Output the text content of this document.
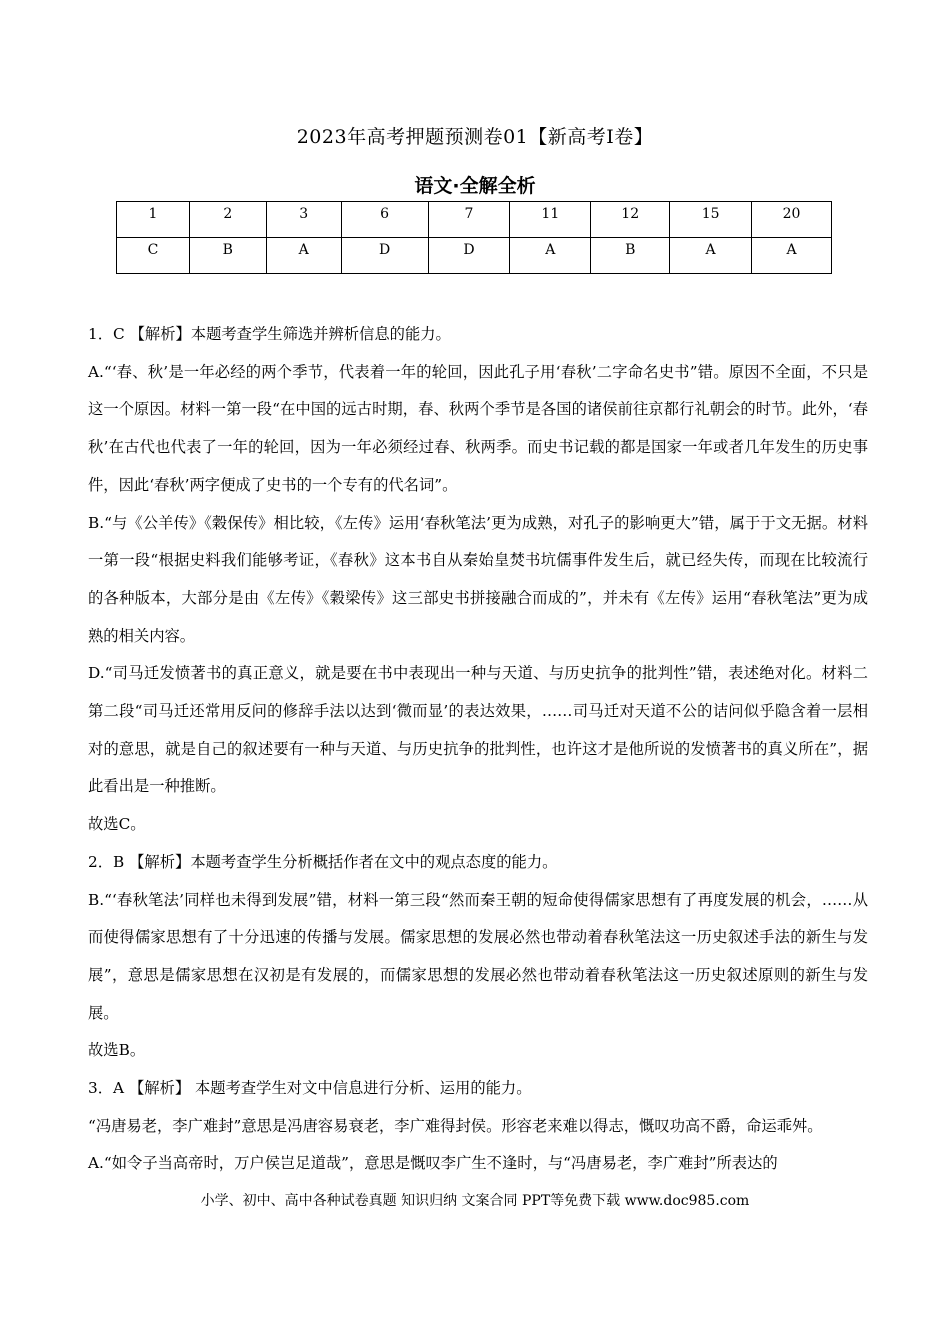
2023年高考押题预测卷01【新高考Ⅰ卷】
语文·全解全析
1	2	3	6	7	11	12	15	20
C	B	A	D	D	A	B	A	A

1．C 【解析】本题考查学生筛选并辨析信息的能力。

A.“‘春、秋’是一年必经的两个季节，代表着一年的轮回，因此孔子用‘春秋’二字命名史书”错。原因不全面，不只是这一个原因。材料一第一段“在中国的远古时期，春、秋两个季节是各国的诸侯前往京都行礼朝会的时节。此外，‘春秋’在古代也代表了一年的轮回，因为一年必须经过春、秋两季。而史书记载的都是国家一年或者几年发生的历史事件，因此‘春秋’两字便成了史书的一个专有的代名词”。

B.“与《公羊传》《穀保传》相比较，《左传》运用‘春秋笔法’更为成熟，对孔子的影响更大”错，属于于文无据。材料一第一段“根据史料我们能够考证，《春秋》这本书自从秦始皇焚书坑儒事件发生后，就已经失传，而现在比较流行的各种版本，大部分是由《左传》《穀梁传》这三部史书拼接融合而成的”，并未有《左传》运用“春秋笔法”更为成熟的相关内容。

D.“司马迁发愤著书的真正意义，就是要在书中表现出一种与天道、与历史抗争的批判性”错，表述绝对化。材料二第二段“司马迁还常用反问的修辞手法以达到‘微而显’的表达效果，……司马迁对天道不公的诘问似乎隐含着一层相对的意思，就是自己的叙述要有一种与天道、与历史抗争的批判性，也许这才是他所说的发愤著书的真义所在”，据此看出是一种推断。

故选C。

2．B 【解析】本题考查学生分析概括作者在文中的观点态度的能力。

B.“‘春秋笔法’同样也未得到发展”错，材料一第三段“然而秦王朝的短命使得儒家思想有了再度发展的机会，……从而使得儒家思想有了十分迅速的传播与发展。儒家思想的发展必然也带动着春秋笔法这一历史叙述手法的新生与发展”，意思是儒家思想在汉初是有发展的，而儒家思想的发展必然也带动着春秋笔法这一历史叙述原则的新生与发展。

故选B。

3．A 【解析】 本题考查学生对文中信息进行分析、运用的能力。

“冯唐易老，李广难封”意思是冯唐容易衰老，李广难得封侯。形容老来难以得志，慨叹功高不爵，命运乖舛。

A.“如令子当高帝时，万户侯岂足道哉”，意思是慨叹李广生不逢时，与“冯唐易老，李广难封”所表达的

小学、初中、高中各种试卷真题 知识归纳 文案合同 PPT等免费下载 www.doc985.com
